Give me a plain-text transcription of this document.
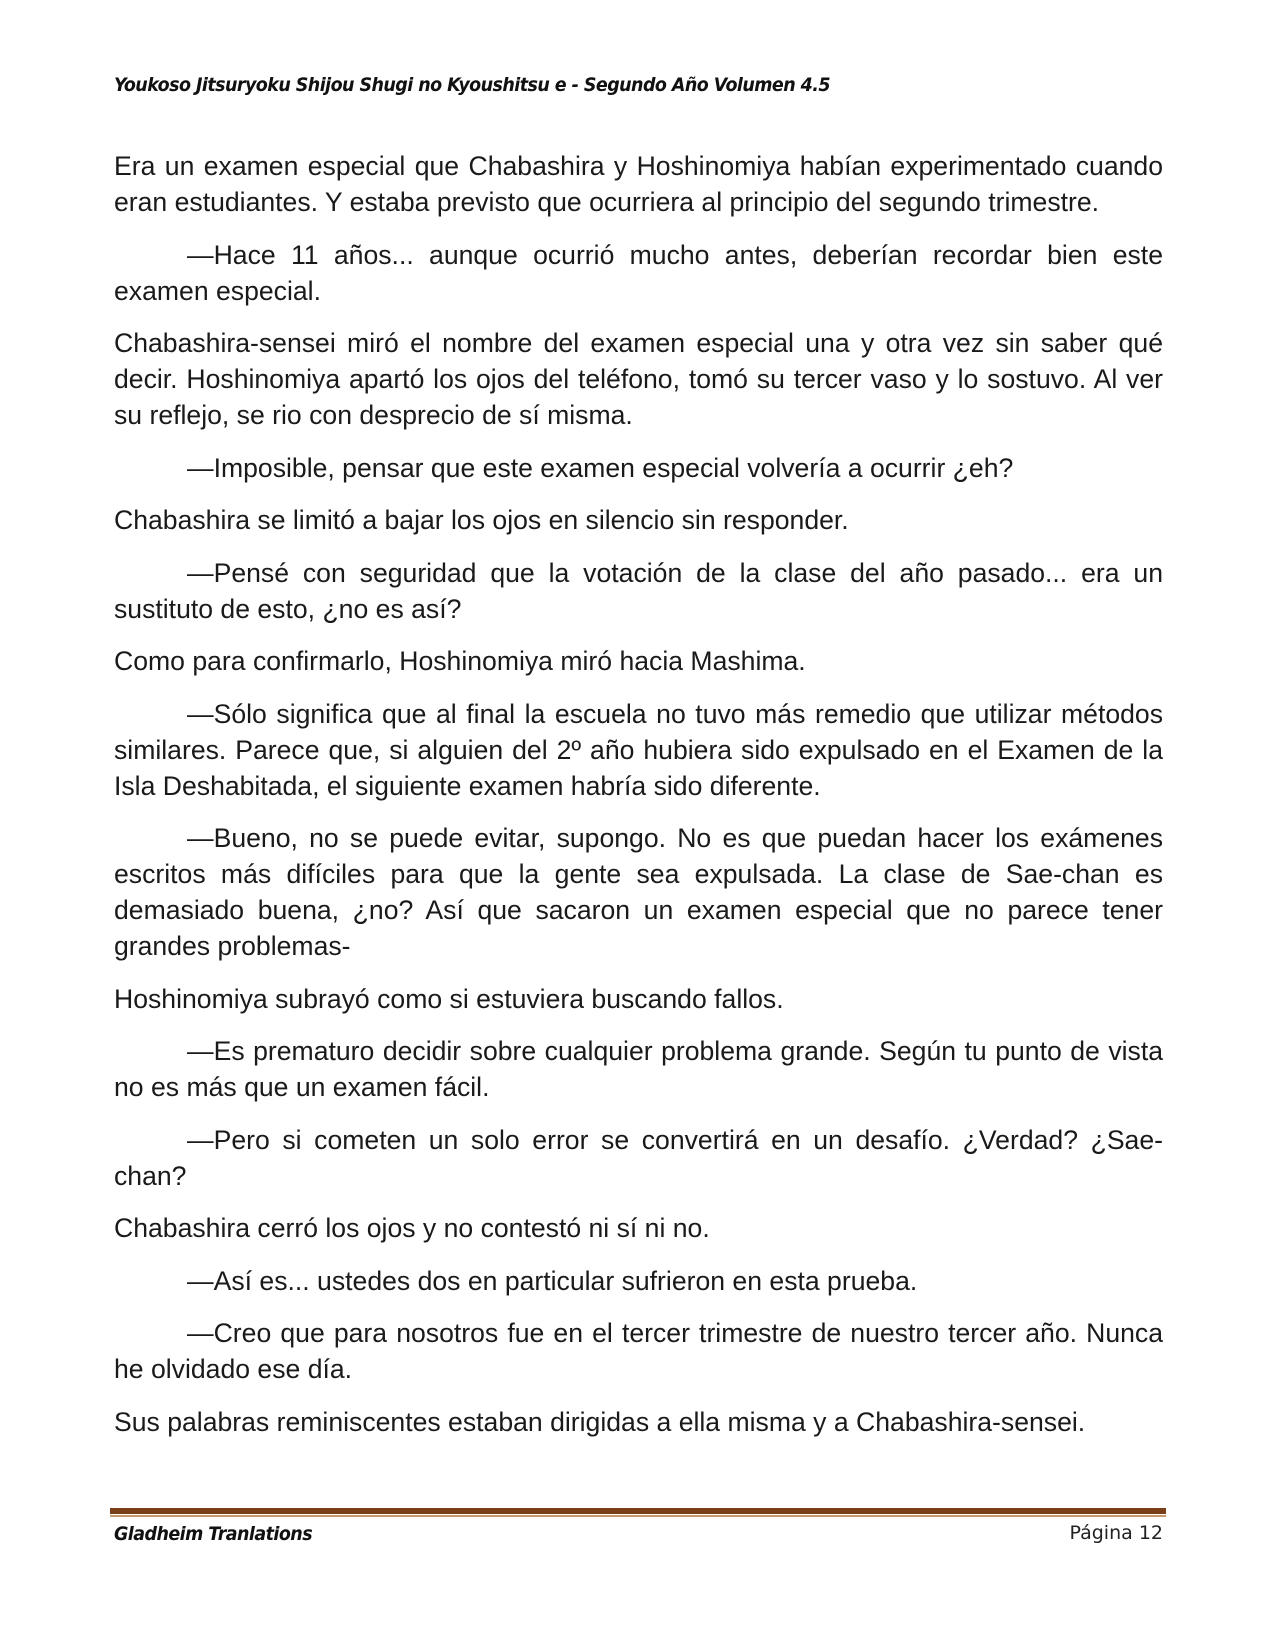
Youkoso Jitsuryoku Shijou Shugi no Kyoushitsu e - Segundo Año Volumen 4.5

Era un examen especial que Chabashira y Hoshinomiya habían experimentado cuando eran estudiantes. Y estaba previsto que ocurriera al principio del segundo trimestre.

—Hace 11 años... aunque ocurrió mucho antes, deberían recordar bien este examen especial.

Chabashira-sensei miró el nombre del examen especial una y otra vez sin saber qué decir. Hoshinomiya apartó los ojos del teléfono, tomó su tercer vaso y lo sostuvo. Al ver su reflejo, se rio con desprecio de sí misma.

—Imposible, pensar que este examen especial volvería a ocurrir ¿eh?

Chabashira se limitó a bajar los ojos en silencio sin responder.

—Pensé con seguridad que la votación de la clase del año pasado... era un sustituto de esto, ¿no es así?

Como para confirmarlo, Hoshinomiya miró hacia Mashima.

—Sólo significa que al final la escuela no tuvo más remedio que utilizar métodos similares. Parece que, si alguien del 2º año hubiera sido expulsado en el Examen de la Isla Deshabitada, el siguiente examen habría sido diferente.

—Bueno, no se puede evitar, supongo. No es que puedan hacer los exámenes escritos más difíciles para que la gente sea expulsada. La clase de Sae-chan es demasiado buena, ¿no? Así que sacaron un examen especial que no parece tener grandes problemas-

Hoshinomiya subrayó como si estuviera buscando fallos.

—Es prematuro decidir sobre cualquier problema grande. Según tu punto de vista no es más que un examen fácil.

—Pero si cometen un solo error se convertirá en un desafío. ¿Verdad? ¿Sae-chan?

Chabashira cerró los ojos y no contestó ni sí ni no.

—Así es... ustedes dos en particular sufrieron en esta prueba.

—Creo que para nosotros fue en el tercer trimestre de nuestro tercer año. Nunca he olvidado ese día.

Sus palabras reminiscentes estaban dirigidas a ella misma y a Chabashira-sensei.

Gladheim Tranlations	Página 12
